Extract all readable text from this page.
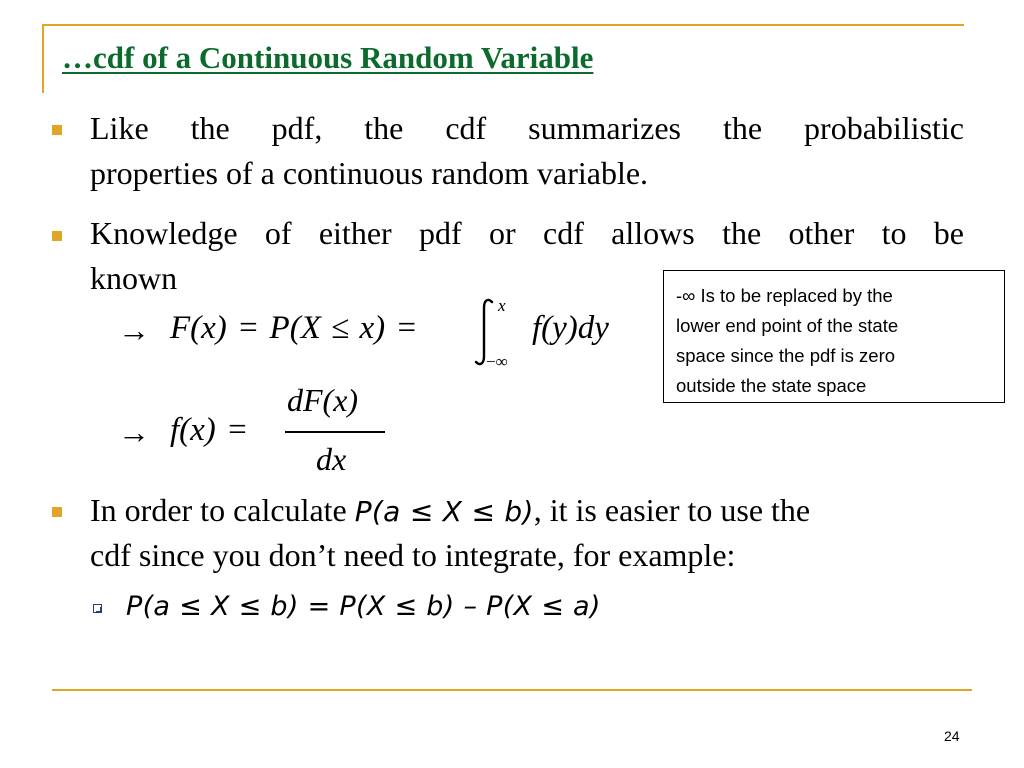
…cdf of a Continuous Random Variable
Like the pdf, the cdf summarizes the probabilistic
properties of a continuous random variable.
Knowledge of either pdf or cdf allows the other to be
known
→ F(x) = P(X ≤ x) =
x
−∞
f(y)dy
→ f(x) =
dF(x)
dx
-∞ Is to be replaced by the
lower end point of the state
space since the pdf is zero
outside the state space
In order to calculate P(a ≤ X ≤ b), it is easier to use the
cdf since you don’t need to integrate, for example:
P(a ≤ X ≤ b) = P(X ≤ b) – P(X ≤ a)
24
